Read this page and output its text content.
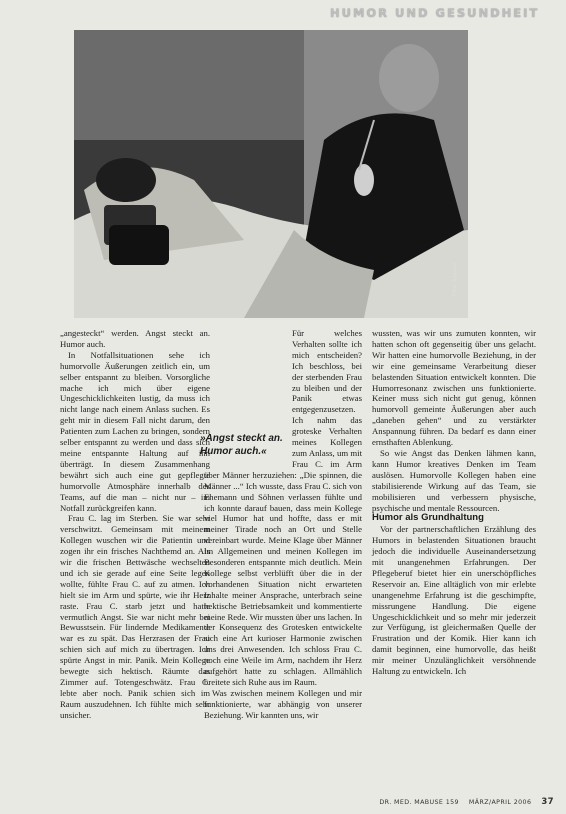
HUMOR UND GESUNDHEIT
Foto: Agentur

„angesteckt“ werden. Angst steckt an. Humor auch.

In Notfallsituationen sehe ich humorvolle Äußerungen zeitlich ein, um selber entspannt zu bleiben. Vorsorgliche mache ich mich über eigene Ungeschicklichkeiten lustig, da muss ich nicht lange nach einem Anlass suchen. Es geht mir in diesem Fall nicht darum, den Patienten zum Lachen zu bringen, sondern selber entspannt zu werden und dass sich meine entspannte Haltung auf ihn überträgt. In diesem Zusammenhang bewährt sich auch eine gut gepflegte humorvolle Atmosphäre innerhalb des Teams, auf die man – nicht nur – im Notfall zurückgreifen kann.

Frau C. lag im Sterben. Sie war sehr verschwitzt. Gemeinsam mit meinem Kollegen wuschen wir die Patientin und zogen ihr ein frisches Nachthemd an. Als wir die frischen Bettwäsche wechselten und ich sie gerade auf eine Seite legen wollte, fühlte Frau C. auf zu atmen. Ich hielt sie im Arm und spürte, wie ihr Herz raste. Frau C. starb jetzt und hatte vermutlich Angst. Sie war nicht mehr bei Bewusstsein. Für lindernde Medikamente war es zu spät. Das Herzrasen der Frau schien sich auf mich zu übertragen. Ich spürte Angst in mir. Panik. Mein Kollege bewegte sich hektisch. Räumte das Zimmer auf. Totengeschwätz. Frau C. lebte aber noch. Panik schien sich im Raum auszudehnen. Ich fühlte mich sehr unsicher.

»Angst steckt an. Humor auch.«

Für welches Verhalten sollte ich mich entscheiden? Ich beschloss, bei der sterbenden Frau zu bleiben und der Panik etwas entgegenzusetzen. Ich nahm das groteske Verhalten meines Kollegen zum Anlass, um mit Frau C. im Arm über Männer herzuziehen: „Die spinnen, die Männer ...“ Ich wusste, dass Frau C. sich von Ehemann und Söhnen verlassen fühlte und ich konnte darauf bauen, dass mein Kollege viel Humor hat und hoffte, dass er mit meiner Tirade noch an Ort und Stelle vereinbart wurde. Meine Klage über Männer im Allgemeinen und meinen Kollegen im Besonderen entspannte mich deutlich. Mein Kollege selbst verblüfft über die in der vorhandenen Situation nicht erwarteten Inhalte meiner Ansprache, unterbrach seine hektische Betriebsamkeit und kommentierte meine Rede. Wir mussten über uns lachen. In der Konsequenz des Grotesken entwickelte sich eine Art kurioser Harmonie zwischen uns drei Anwesenden. Ich schloss Frau C. noch eine Weile im Arm, nachdem ihr Herz aufgehört hatte zu schlagen. Allmählich breitete sich Ruhe aus im Raum.

Was zwischen meinem Kollegen und mir funktionierte, war abhängig von unserer Beziehung. Wir kannten uns, wir

wussten, was wir uns zumuten konnten, wir hatten schon oft gegenseitig über uns gelacht. Wir hatten eine humorvolle Beziehung, in der wir eine gemeinsame Verarbeitung dieser belastenden Situation entwickelt konnten. Die Humorresonanz zwischen uns funktionierte. Keiner muss sich nicht gut genug, können humorvoll gemeinte Äußerungen aber auch „daneben gehen“ und zu verstärkter Anspannung führen. Da bedarf es dann einer ernsthaften Ablenkung.

So wie Angst das Denken lähmen kann, kann Humor kreatives Denken im Team auslösen. Humorvolle Kollegen haben eine stabilisierende Wirkung auf das Team, sie mobilisieren und verbessern physische, psychische und mentale Ressourcen.

Humor als Grundhaltung

Vor der partnerschaftlichen Erzählung des Humors in belastenden Situationen braucht jedoch die individuelle Auseinandersetzung mit unangenehmen Erfahrungen. Der Pflegeberuf bietet hier ein unerschöpfliches Reservoir an. Eine alltäglich von mir erlebte unangenehme Erfahrung ist die geschimpfte, missrungene Handlung. Die eigene Ungeschicklichkeit und so mehr mir jederzeit zur Verfügung, ist gleichermaßen Quelle der Frustration und der Komik. Hier kann ich damit beginnen, eine humorvolle, das heißt mir meiner Unzulänglichkeit versöhnende Haltung zu entwickeln. Ich

DR. MED. MABUSE 159 MÄRZ/APRIL 2006 37
